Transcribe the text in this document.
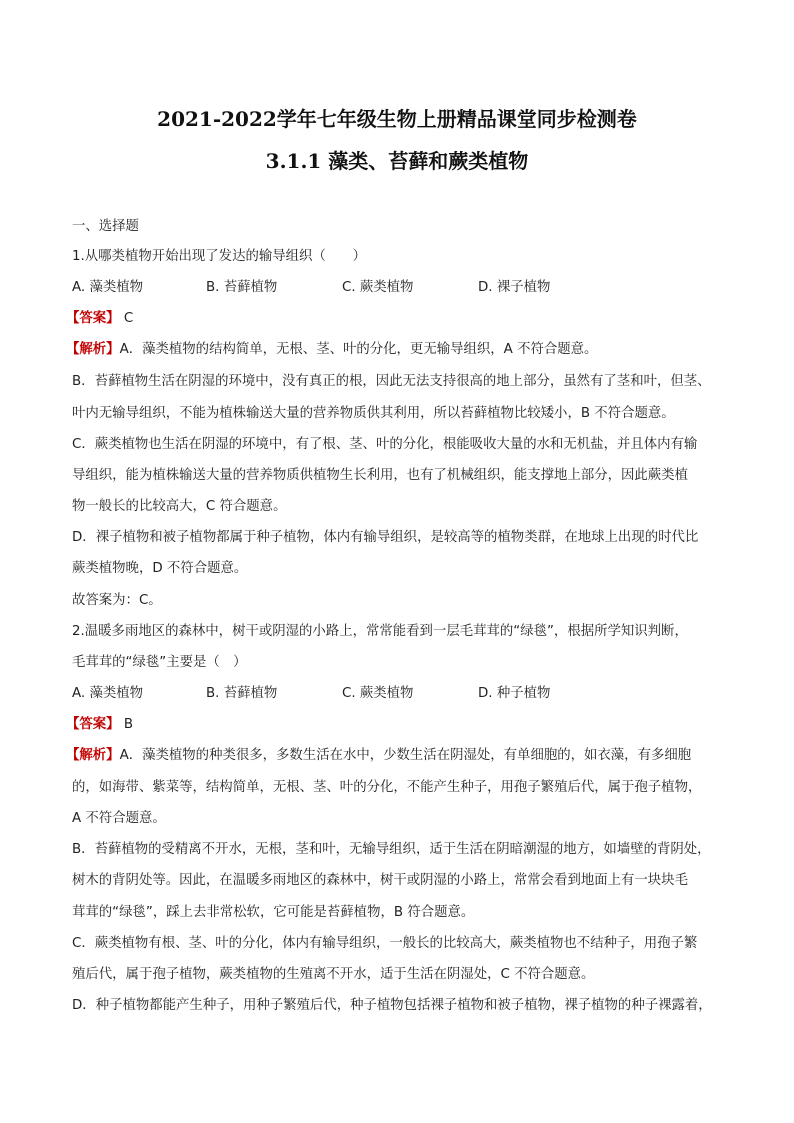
2021-2022学年七年级生物上册精品课堂同步检测卷
3.1.1 藻类、苔藓和蕨类植物
一、选择题
1.从哪类植物开始出现了发达的输导组织（　　）
A. 藻类植物	B. 苔藓植物	C. 蕨类植物	D. 裸子植物
【答案】 C
【解析】A．藻类植物的结构简单，无根、茎、叶的分化，更无输导组织，A 不符合题意。
B．苔藓植物生活在阴湿的环境中，没有真正的根，因此无法支持很高的地上部分，虽然有了茎和叶，但茎、
叶内无输导组织，不能为植株输送大量的营养物质供其利用，所以苔藓植物比较矮小，B 不符合题意。
C．蕨类植物也生活在阴湿的环境中，有了根、茎、叶的分化，根能吸收大量的水和无机盐，并且体内有输
导组织，能为植株输送大量的营养物质供植物生长利用，也有了机械组织，能支撑地上部分，因此蕨类植
物一般长的比较高大，C 符合题意。
D．裸子植物和被子植物都属于种子植物，体内有输导组织，是较高等的植物类群，在地球上出现的时代比
蕨类植物晚，D 不符合题意。
故答案为：C。
2.温暖多雨地区的森林中，树干或阴湿的小路上，常常能看到一层毛茸茸的“绿毯”，根据所学知识判断，
毛茸茸的“绿毯”主要是（　）
A. 藻类植物	B. 苔藓植物	C. 蕨类植物	D. 种子植物
【答案】 B
【解析】A．藻类植物的种类很多，多数生活在水中，少数生活在阴湿处，有单细胞的，如衣藻，有多细胞
的，如海带、紫菜等，结构简单，无根、茎、叶的分化，不能产生种子，用孢子繁殖后代，属于孢子植物，
A 不符合题意。
B．苔藓植物的受精离不开水，无根，茎和叶，无输导组织，适于生活在阴暗潮湿的地方，如墙壁的背阴处，
树木的背阴处等。因此，在温暖多雨地区的森林中，树干或阴湿的小路上，常常会看到地面上有一块块毛
茸茸的“绿毯”，踩上去非常松软，它可能是苔藓植物，B 符合题意。
C．蕨类植物有根、茎、叶的分化，体内有输导组织，一般长的比较高大，蕨类植物也不结种子，用孢子繁
殖后代，属于孢子植物，蕨类植物的生殖离不开水，适于生活在阴湿处，C 不符合题意。
D．种子植物都能产生种子，用种子繁殖后代，种子植物包括裸子植物和被子植物，裸子植物的种子裸露着，
